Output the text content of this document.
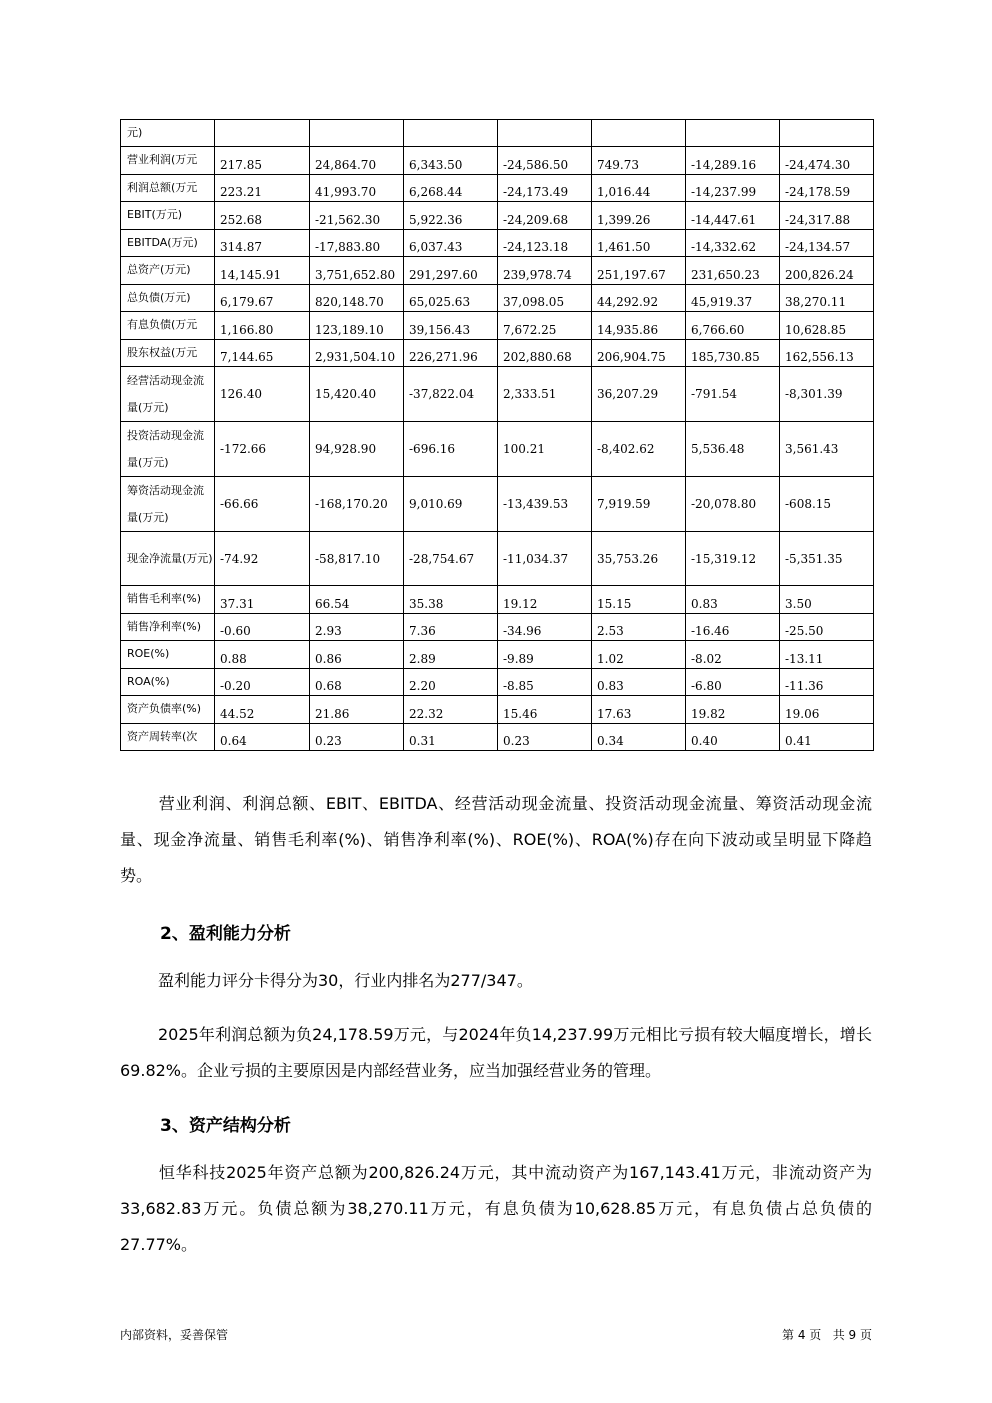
元)							
营业利润(万元	217.85	24,864.70	6,343.50	-24,586.50	749.73	-14,289.16	-24,474.30
利润总额(万元	223.21	41,993.70	6,268.44	-24,173.49	1,016.44	-14,237.99	-24,178.59
EBIT(万元)	252.68	-21,562.30	5,922.36	-24,209.68	1,399.26	-14,447.61	-24,317.88
EBITDA(万元)	314.87	-17,883.80	6,037.43	-24,123.18	1,461.50	-14,332.62	-24,134.57
总资产(万元)	14,145.91	3,751,652.80	291,297.60	239,978.74	251,197.67	231,650.23	200,826.24
总负债(万元)	6,179.67	820,148.70	65,025.63	37,098.05	44,292.92	45,919.37	38,270.11
有息负债(万元	1,166.80	123,189.10	39,156.43	7,672.25	14,935.86	6,766.60	10,628.85
股东权益(万元	7,144.65	2,931,504.10	226,271.96	202,880.68	206,904.75	185,730.85	162,556.13
经营活动现金流量(万元)	126.40	15,420.40	-37,822.04	2,333.51	36,207.29	-791.54	-8,301.39
投资活动现金流量(万元)	-172.66	94,928.90	-696.16	100.21	-8,402.62	5,536.48	3,561.43
筹资活动现金流量(万元)	-66.66	-168,170.20	9,010.69	-13,439.53	7,919.59	-20,078.80	-608.15
现金净流量(万元)	-74.92	-58,817.10	-28,754.67	-11,034.37	35,753.26	-15,319.12	-5,351.35
销售毛利率(%)	37.31	66.54	35.38	19.12	15.15	0.83	3.50
销售净利率(%)	-0.60	2.93	7.36	-34.96	2.53	-16.46	-25.50
ROE(%)	0.88	0.86	2.89	-9.89	1.02	-8.02	-13.11
ROA(%)	-0.20	0.68	2.20	-8.85	0.83	-6.80	-11.36
资产负债率(%)	44.52	21.86	22.32	15.46	17.63	19.82	19.06
资产周转率(次	0.64	0.23	0.31	0.23	0.34	0.40	0.41
营业利润、利润总额、EBIT、EBITDA、经营活动现金流量、投资活动现金流量、筹资活动现金流量、现金净流量、销售毛利率(%)、销售净利率(%)、ROE(%)、ROA(%)存在向下波动或呈明显下降趋势。
2、盈利能力分析
盈利能力评分卡得分为30，行业内排名为277/347。
2025年利润总额为负24,178.59万元，与2024年负14,237.99万元相比亏损有较大幅度增长，增长69.82%。企业亏损的主要原因是内部经营业务，应当加强经营业务的管理。
3、资产结构分析
恒华科技2025年资产总额为200,826.24万元，其中流动资产为167,143.41万元，非流动资产为33,682.83万元。负债总额为38,270.11万元，有息负债为10,628.85万元，有息负债占总负债的27.77%。
内部资料，妥善保管	第 4 页   共 9 页
